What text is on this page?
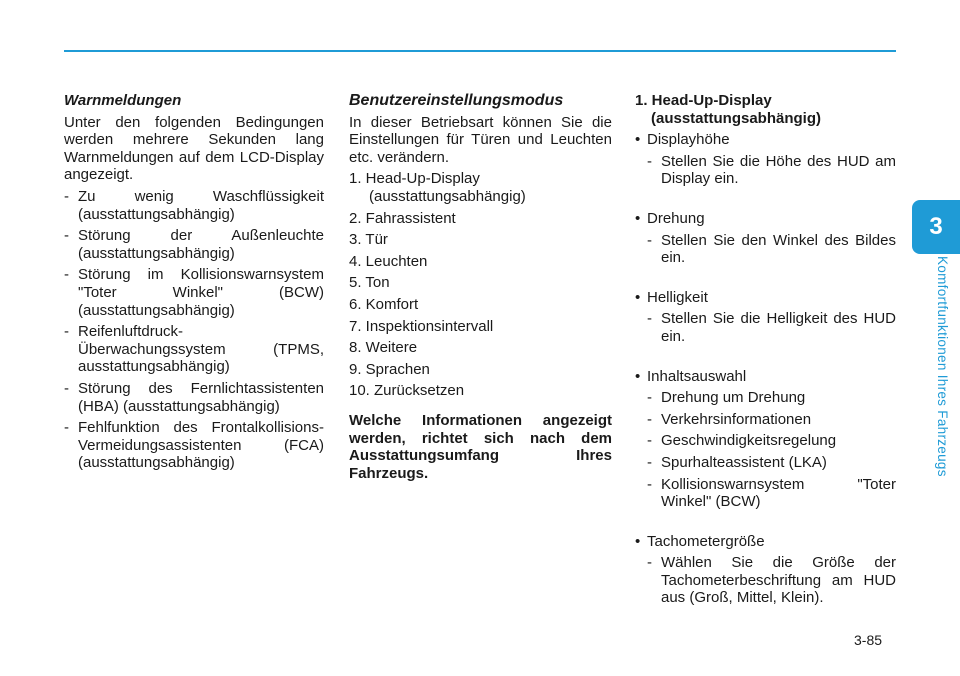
3
Komfortfunktionen Ihres Fahrzeugs
Warnmeldungen
Unter den folgenden Bedingungen werden mehrere Sekunden lang Warnmeldungen auf dem LCD-Display angezeigt.
- Zu wenig Waschflüssigkeit (ausstattungsabhängig)
- Störung der Außenleuchte (ausstattungsabhängig)
- Störung im Kollisionswarnsystem "Toter Winkel" (BCW) (ausstattungsabhängig)
- Reifenluftdruck-Überwachungssystem (TPMS, ausstattungsabhängig)
- Störung des Fernlichtassistenten (HBA) (ausstattungsabhängig)
- Fehlfunktion des Frontalkollisions-Vermeidungsassistenten (FCA) (ausstattungsabhängig)
Benutzereinstellungsmodus
In dieser Betriebsart können Sie die Einstellungen für Türen und Leuchten etc. verändern.
1. Head-Up-Display (ausstattungsabhängig)
2. Fahrassistent
3. Tür
4. Leuchten
5. Ton
6. Komfort
7. Inspektionsintervall
8. Weitere
9. Sprachen
10. Zurücksetzen
Welche Informationen angezeigt werden, richtet sich nach dem Ausstattungsumfang Ihres Fahrzeugs.
1. Head-Up-Display (ausstattungsabhängig)
• Displayhöhe
- Stellen Sie die Höhe des HUD am Display ein.
• Drehung
- Stellen Sie den Winkel des Bildes ein.
• Helligkeit
- Stellen Sie die Helligkeit des HUD ein.
• Inhaltsauswahl
- Drehung um Drehung
- Verkehrsinformationen
- Geschwindigkeitsregelung
- Spurhalteassistent (LKA)
- Kollisionswarnsystem "Toter Winkel" (BCW)
• Tachometergröße
- Wählen Sie die Größe der Tachometerbeschriftung am HUD aus (Groß, Mittel, Klein).
3-85
